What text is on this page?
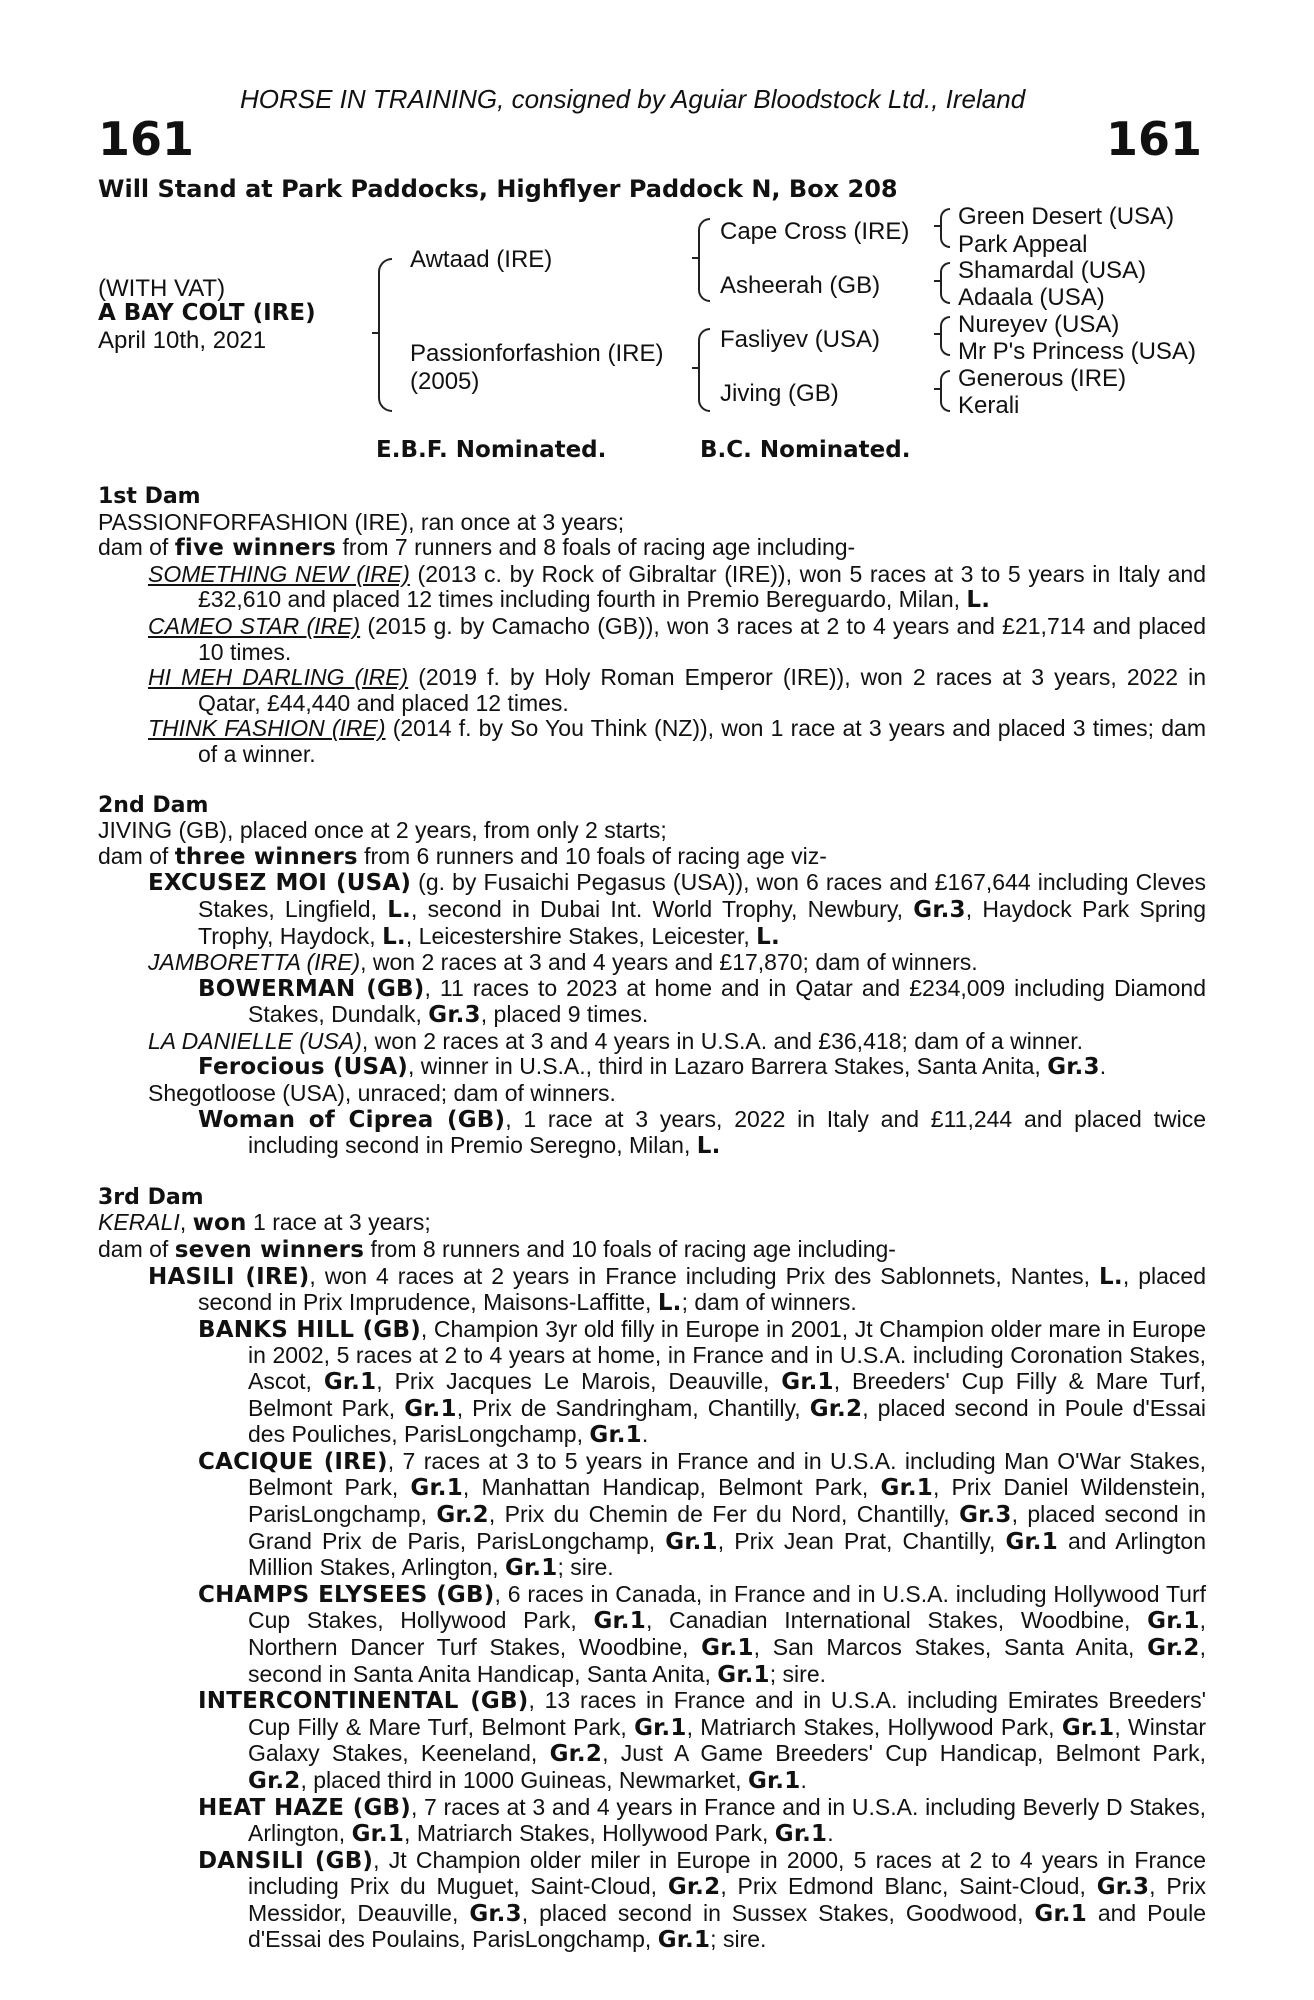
HORSE IN TRAINING, consigned by Aguiar Bloodstock Ltd., Ireland
161	161
Will Stand at Park Paddocks, Highflyer Paddock N, Box 208
(WITH VAT)
A BAY COLT (IRE)
April 10th, 2021
Awtaad (IRE)
Passionforfashion (IRE)
(2005)
Cape Cross (IRE)
Asheerah (GB)
Fasliyev (USA)
Jiving (GB)
Green Desert (USA)
Park Appeal
Shamardal (USA)
Adaala (USA)
Nureyev (USA)
Mr P's Princess (USA)
Generous (IRE)
Kerali
E.B.F. Nominated.	B.C. Nominated.
1st Dam
PASSIONFORFASHION (IRE), ran once at 3 years;
dam of five winners from 7 runners and 8 foals of racing age including-
SOMETHING NEW (IRE) (2013 c. by Rock of Gibraltar (IRE)), won 5 races at 3 to 5 years in Italy and £32,610 and placed 12 times including fourth in Premio Bereguardo, Milan, L.
CAMEO STAR (IRE) (2015 g. by Camacho (GB)), won 3 races at 2 to 4 years and £21,714 and placed 10 times.
HI MEH DARLING (IRE) (2019 f. by Holy Roman Emperor (IRE)), won 2 races at 3 years, 2022 in Qatar, £44,440 and placed 12 times.
THINK FASHION (IRE) (2014 f. by So You Think (NZ)), won 1 race at 3 years and placed 3 times; dam of a winner.
2nd Dam
JIVING (GB), placed once at 2 years, from only 2 starts;
dam of three winners from 6 runners and 10 foals of racing age viz-
EXCUSEZ MOI (USA) (g. by Fusaichi Pegasus (USA)), won 6 races and £167,644 including Cleves Stakes, Lingfield, L., second in Dubai Int. World Trophy, Newbury, Gr.3, Haydock Park Spring Trophy, Haydock, L., Leicestershire Stakes, Leicester, L.
JAMBORETTA (IRE), won 2 races at 3 and 4 years and £17,870; dam of winners.
BOWERMAN (GB), 11 races to 2023 at home and in Qatar and £234,009 including Diamond Stakes, Dundalk, Gr.3, placed 9 times.
LA DANIELLE (USA), won 2 races at 3 and 4 years in U.S.A. and £36,418; dam of a winner.
Ferocious (USA), winner in U.S.A., third in Lazaro Barrera Stakes, Santa Anita, Gr.3.
Shegotloose (USA), unraced; dam of winners.
Woman of Ciprea (GB), 1 race at 3 years, 2022 in Italy and £11,244 and placed twice including second in Premio Seregno, Milan, L.
3rd Dam
KERALI, won 1 race at 3 years;
dam of seven winners from 8 runners and 10 foals of racing age including-
HASILI (IRE), won 4 races at 2 years in France including Prix des Sablonnets, Nantes, L., placed second in Prix Imprudence, Maisons-Laffitte, L.; dam of winners.
BANKS HILL (GB), Champion 3yr old filly in Europe in 2001, Jt Champion older mare in Europe in 2002, 5 races at 2 to 4 years at home, in France and in U.S.A. including Coronation Stakes, Ascot, Gr.1, Prix Jacques Le Marois, Deauville, Gr.1, Breeders' Cup Filly & Mare Turf, Belmont Park, Gr.1, Prix de Sandringham, Chantilly, Gr.2, placed second in Poule d'Essai des Pouliches, ParisLongchamp, Gr.1.
CACIQUE (IRE), 7 races at 3 to 5 years in France and in U.S.A. including Man O'War Stakes, Belmont Park, Gr.1, Manhattan Handicap, Belmont Park, Gr.1, Prix Daniel Wildenstein, ParisLongchamp, Gr.2, Prix du Chemin de Fer du Nord, Chantilly, Gr.3, placed second in Grand Prix de Paris, ParisLongchamp, Gr.1, Prix Jean Prat, Chantilly, Gr.1 and Arlington Million Stakes, Arlington, Gr.1; sire.
CHAMPS ELYSEES (GB), 6 races in Canada, in France and in U.S.A. including Hollywood Turf Cup Stakes, Hollywood Park, Gr.1, Canadian International Stakes, Woodbine, Gr.1, Northern Dancer Turf Stakes, Woodbine, Gr.1, San Marcos Stakes, Santa Anita, Gr.2, second in Santa Anita Handicap, Santa Anita, Gr.1; sire.
INTERCONTINENTAL (GB), 13 races in France and in U.S.A. including Emirates Breeders' Cup Filly & Mare Turf, Belmont Park, Gr.1, Matriarch Stakes, Hollywood Park, Gr.1, Winstar Galaxy Stakes, Keeneland, Gr.2, Just A Game Breeders' Cup Handicap, Belmont Park, Gr.2, placed third in 1000 Guineas, Newmarket, Gr.1.
HEAT HAZE (GB), 7 races at 3 and 4 years in France and in U.S.A. including Beverly D Stakes, Arlington, Gr.1, Matriarch Stakes, Hollywood Park, Gr.1.
DANSILI (GB), Jt Champion older miler in Europe in 2000, 5 races at 2 to 4 years in France including Prix du Muguet, Saint-Cloud, Gr.2, Prix Edmond Blanc, Saint-Cloud, Gr.3, Prix Messidor, Deauville, Gr.3, placed second in Sussex Stakes, Goodwood, Gr.1 and Poule d'Essai des Poulains, ParisLongchamp, Gr.1; sire.
